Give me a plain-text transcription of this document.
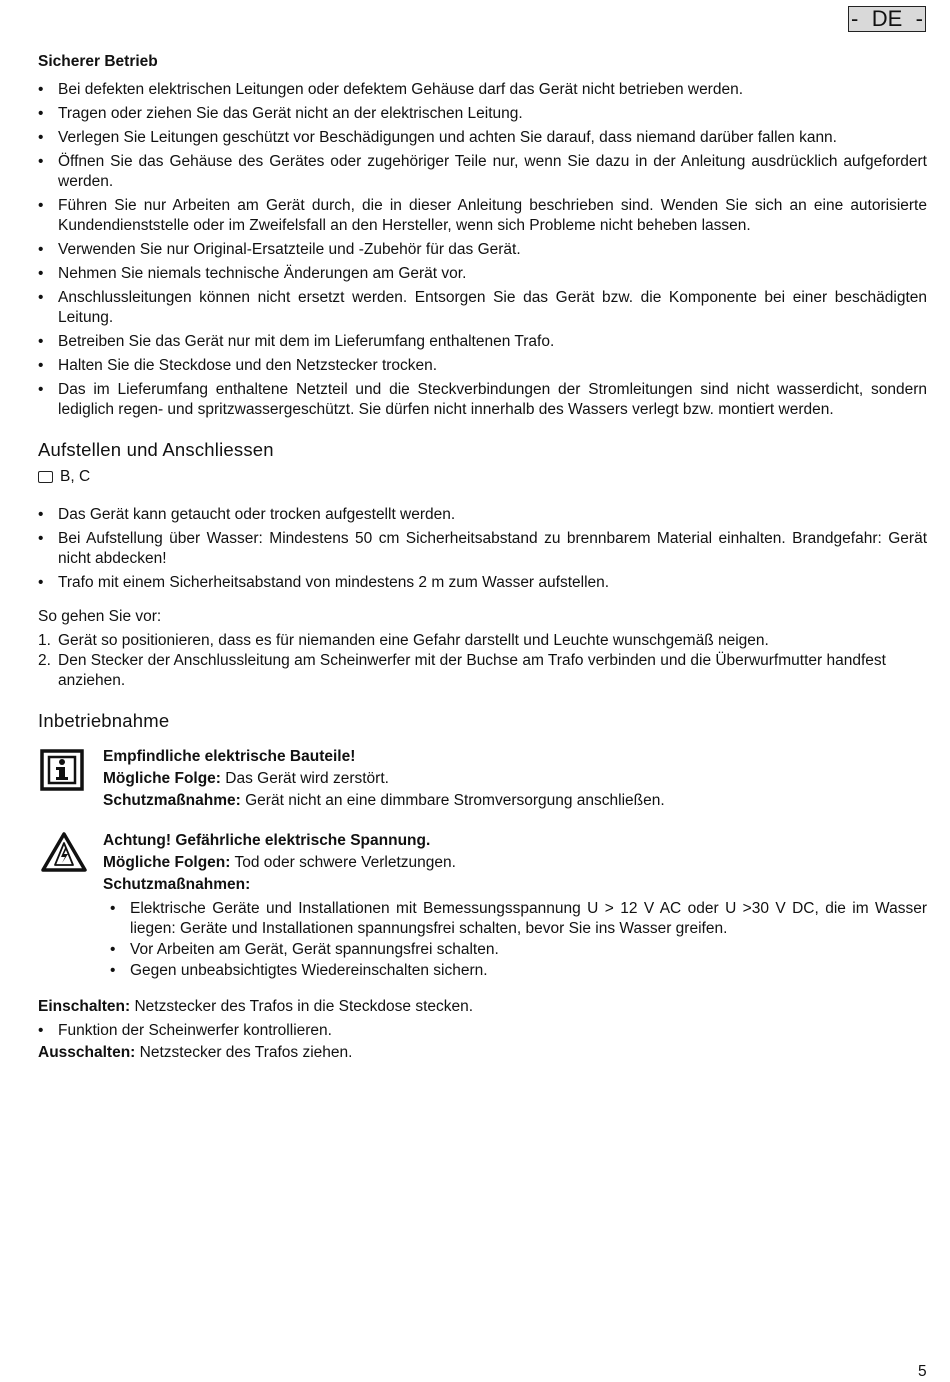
- DE -
Sicherer Betrieb
• Bei defekten elektrischen Leitungen oder defektem Gehäuse darf das Gerät nicht betrieben werden.
• Tragen oder ziehen Sie das Gerät nicht an der elektrischen Leitung.
• Verlegen Sie Leitungen geschützt vor Beschädigungen und achten Sie darauf, dass niemand darüber fallen kann.
• Öffnen Sie das Gehäuse des Gerätes oder zugehöriger Teile nur, wenn Sie dazu in der Anleitung ausdrücklich aufgefordert werden.
• Führen Sie nur Arbeiten am Gerät durch, die in dieser Anleitung beschrieben sind. Wenden Sie sich an eine autorisierte Kundendienststelle oder im Zweifelsfall an den Hersteller, wenn sich Probleme nicht beheben lassen.
• Verwenden Sie nur Original-Ersatzteile und -Zubehör für das Gerät.
• Nehmen Sie niemals technische Änderungen am Gerät vor.
• Anschlussleitungen können nicht ersetzt werden. Entsorgen Sie das Gerät bzw. die Komponente bei einer beschädigten Leitung.
• Betreiben Sie das Gerät nur mit dem im Lieferumfang enthaltenen Trafo.
• Halten Sie die Steckdose und den Netzstecker trocken.
• Das im Lieferumfang enthaltene Netzteil und die Steckverbindungen der Stromleitungen sind nicht wasserdicht, sondern lediglich regen- und spritzwassergeschützt. Sie dürfen nicht innerhalb des Wassers verlegt bzw. montiert werden.
Aufstellen und Anschliessen
B, C
• Das Gerät kann getaucht oder trocken aufgestellt werden.
• Bei Aufstellung über Wasser: Mindestens 50 cm Sicherheitsabstand zu brennbarem Material einhalten. Brandgefahr: Gerät nicht abdecken!
• Trafo mit einem Sicherheitsabstand von mindestens 2 m zum Wasser aufstellen.
So gehen Sie vor:
1. Gerät so positionieren, dass es für niemanden eine Gefahr darstellt und Leuchte wunschgemäß neigen.
2. Den Stecker der Anschlussleitung am Scheinwerfer mit der Buchse am Trafo verbinden und die Überwurfmutter handfest anziehen.
Inbetriebnahme
Empfindliche elektrische Bauteile!
Mögliche Folge: Das Gerät wird zerstört.
Schutzmaßnahme: Gerät nicht an eine dimmbare Stromversorgung anschließen.
Achtung! Gefährliche elektrische Spannung.
Mögliche Folgen: Tod oder schwere Verletzungen.
Schutzmaßnahmen:
• Elektrische Geräte und Installationen mit Bemessungsspannung U > 12 V AC oder U >30 V DC, die im Wasser liegen: Geräte und Installationen spannungsfrei schalten, bevor Sie ins Wasser greifen.
• Vor Arbeiten am Gerät, Gerät spannungsfrei schalten.
• Gegen unbeabsichtigtes Wiedereinschalten sichern.
Einschalten: Netzstecker des Trafos in die Steckdose stecken.
• Funktion der Scheinwerfer kontrollieren.
Ausschalten: Netzstecker des Trafos ziehen.
5
